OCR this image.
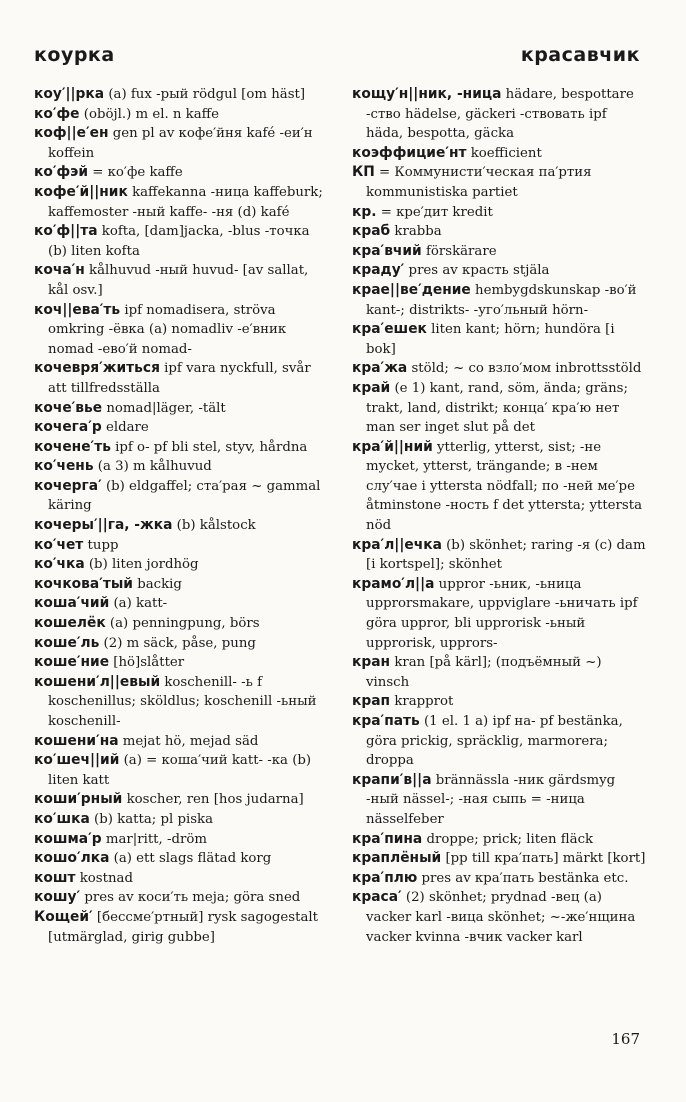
коурка	красавчик

коу′||рка (a) fux -рый rödgul [om häst]

ко′фе (oböjl.) m el. n kaffe

коф||е′ен gen pl av кофе′йня kafé -еи′н koffein

ко′фэй = ко′фе kaffe

кофе′й||ник kaffekanna -ница kaffeburk; kaffemoster -ный kaffe- -ня (d) kafé

ко′ф||та kofta, [dam]jacka, -blus -точка (b) liten kofta

коча′н kålhuvud -ный huvud- [av sallat, kål osv.]

коч||ева′ть ipf nomadisera, ströva omkring -ёвка (a) nomadliv -е′вник nomad -ево′й nomad-

кочевря′житься ipf vara nyckfull, svår att tillfredsställa

коче′вье nomad|läger, -tält

кочега′р eldare

кочене′ть ipf о- pf bli stel, styv, hårdna

ко′чень (a 3) m kålhuvud

кочерга′ (b) eldgaffel; ста′рая ~ gammal käring

кочеры′||га, -жка (b) kålstock

ко′чет tupp

ко′чка (b) liten jordhög

кочкова′тый backig

коша′чий (a) katt-

кошелёк (a) penningpung, börs

коше′ль (2) m säck, påse, pung

коше′ние [hö]slåtter

кошени′л||евый koschenill- -ь f koschenillus; sköldlus; koschenill -ьный koschenill-

кошени′на mejat hö, mejad säd

ко′шеч||ий (a) = коша′чий katt- -ка (b) liten katt

коши′рный koscher, ren [hos judarna]

ко′шка (b) katta; pl piska

кошма′р mar|ritt, -dröm

кошо′лка (a) ett slags flätad korg

кошт kostnad

кошу′ pres av коси′ть meja; göra sned

Кощей′ [бессме′ртный] rysk sagogestalt [utmärglad, girig gubbe]

кощу′н||ник, -ница hädare, bespottare -ство hädelse, gäckeri -ствовать ipf häda, bespotta, gäcka

коэффицие′нт koefficient

КП = Коммунисти′ческая па′ртия kommunistiska partiet

кр. = кре′дит kredit

краб krabba

кра′вчий förskärare

краду′ pres av красть stjäla

крае||ве′дение hembygdskunskap -во′й kant-; distrikts- -уго′льный hörn-

кра′ешек liten kant; hörn; hundöra [i bok]

кра′жа stöld; ~ со взло′мом inbrottsstöld

край (e 1) kant, rand, söm, ända; gräns; trakt, land, distrikt; конца′ кра′ю нет man ser inget slut på det

кра′й||ний ytterlig, ytterst, sist; -не mycket, ytterst, trängande; в -нем слу′чае i yttersta nödfall; по -ней ме′ре åtminstone -ность f det yttersta; yttersta nöd

кра′л||ечка (b) skönhet; raring -я (c) dam [i kortspel]; skönhet

крамо′л||а uppror -ьник, -ьница upprorsmakare, uppviglare -ьничать ipf göra uppror, bli upprorisk -ьный upprorisk, upprors-

кран kran [på kärl]; (подъёмный ~) vinsch

крап krapprot

кра′пать (1 el. 1 a) ipf на- pf bestänka, göra prickig, spräcklig, marmorera; droppa

крапи′в||а brännässla -ник gärdsmyg -ный nässel-; -ная сыпь = -ница nässelfeber

кра′пина droppe; prick; liten fläck

краплёный [pp till кра′пать] märkt [kort]

кра′плю pres av кра′пать bestänka etc.

краса′ (2) skönhet; prydnad -вец (a) vacker karl -вица skönhet; ~-же′нщина vacker kvinna -вчик vacker karl

167
